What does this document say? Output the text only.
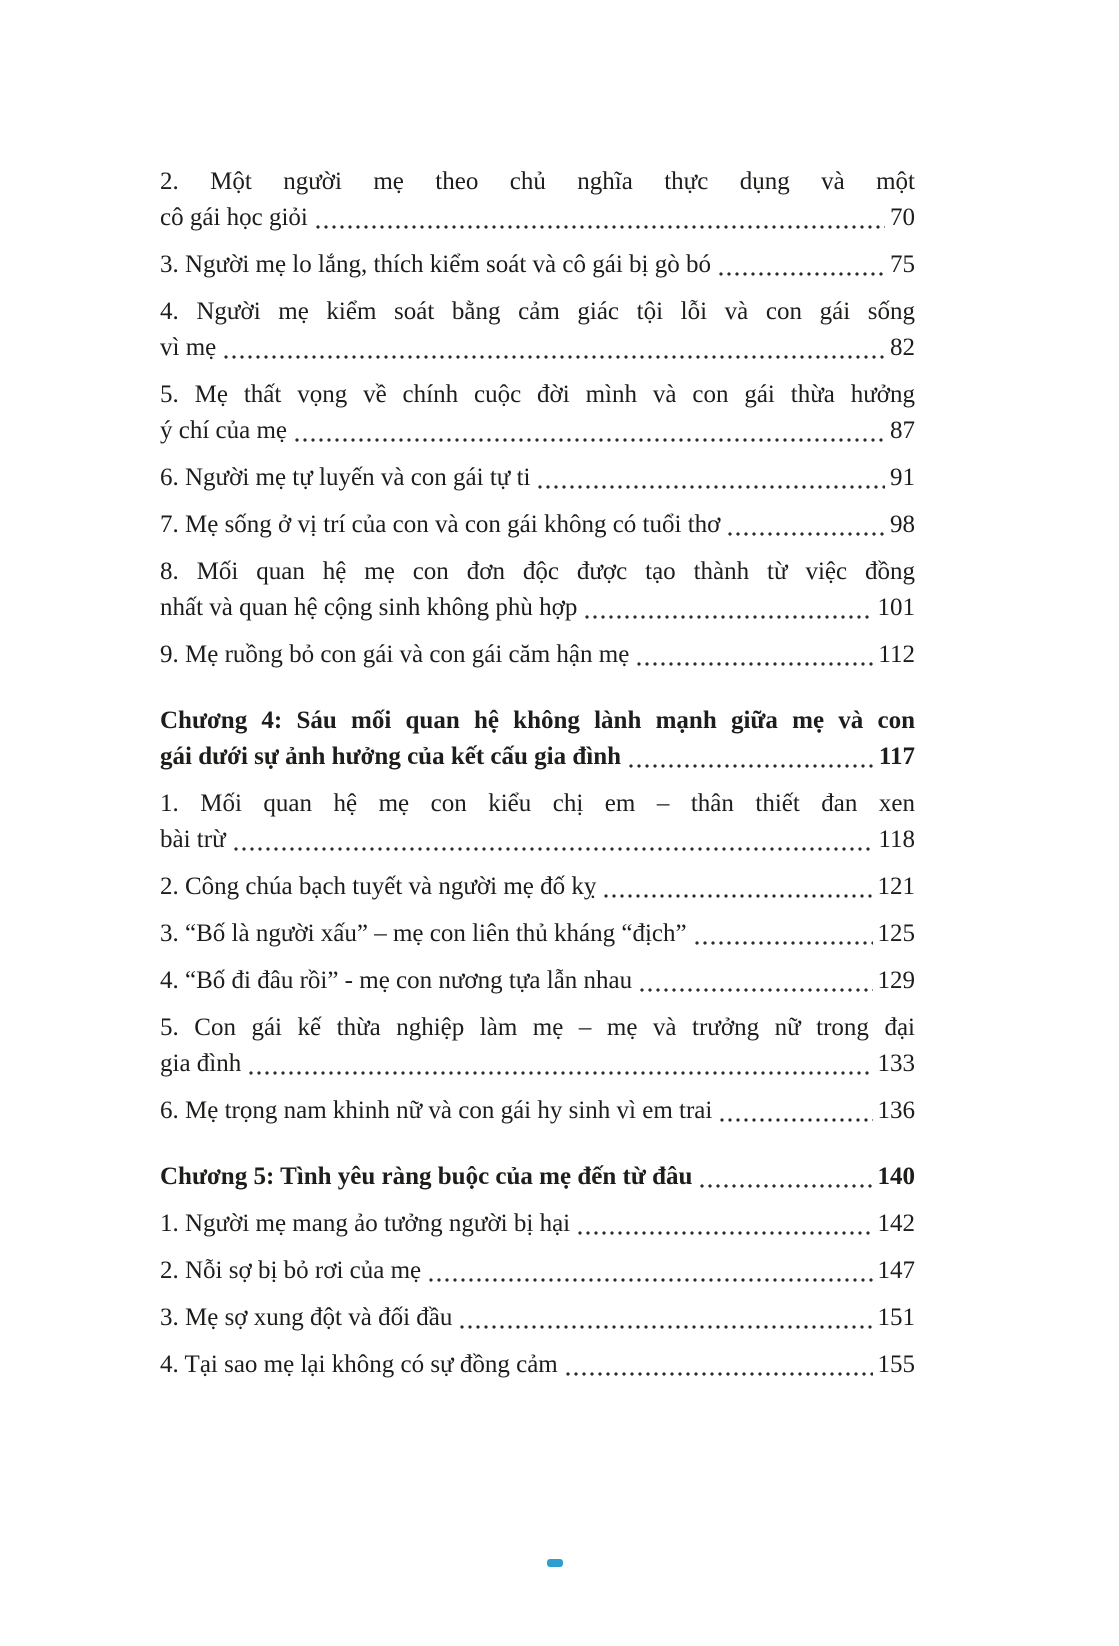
2. Một người mẹ theo chủ nghĩa thực dụng và một
cô gái học giỏi	70
3. Người mẹ lo lắng, thích kiểm soát và cô gái bị gò bó	75
4. Người mẹ kiểm soát bằng cảm giác tội lỗi và con gái sống
vì mẹ	82
5. Mẹ thất vọng về chính cuộc đời mình và con gái thừa hưởng
ý chí của mẹ	87
6. Người mẹ tự luyến và con gái tự ti	91
7. Mẹ sống ở vị trí của con và con gái không có tuổi thơ	98
8. Mối quan hệ mẹ con đơn độc được tạo thành từ việc đồng
nhất và quan hệ cộng sinh không phù hợp	101
9. Mẹ ruồng bỏ con gái và con gái căm hận mẹ	112
Chương 4: Sáu mối quan hệ không lành mạnh giữa mẹ và con
gái dưới sự ảnh hưởng của kết cấu gia đình	117
1. Mối quan hệ mẹ con kiểu chị em – thân thiết đan xen
bài trừ	118
2. Công chúa bạch tuyết và người mẹ đố kỵ	121
3. “Bố là người xấu” – mẹ con liên thủ kháng “địch”	125
4. “Bố đi đâu rồi” - mẹ con nương tựa lẫn nhau	129
5. Con gái kế thừa nghiệp làm mẹ – mẹ và trưởng nữ trong đại
gia đình	133
6. Mẹ trọng nam khinh nữ và con gái hy sinh vì em trai	136
Chương 5: Tình yêu ràng buộc của mẹ đến từ đâu	140
1. Người mẹ mang ảo tưởng người bị hại	142
2. Nỗi sợ bị bỏ rơi của mẹ	147
3. Mẹ sợ xung đột và đối đầu	151
4. Tại sao mẹ lại không có sự đồng cảm	155
